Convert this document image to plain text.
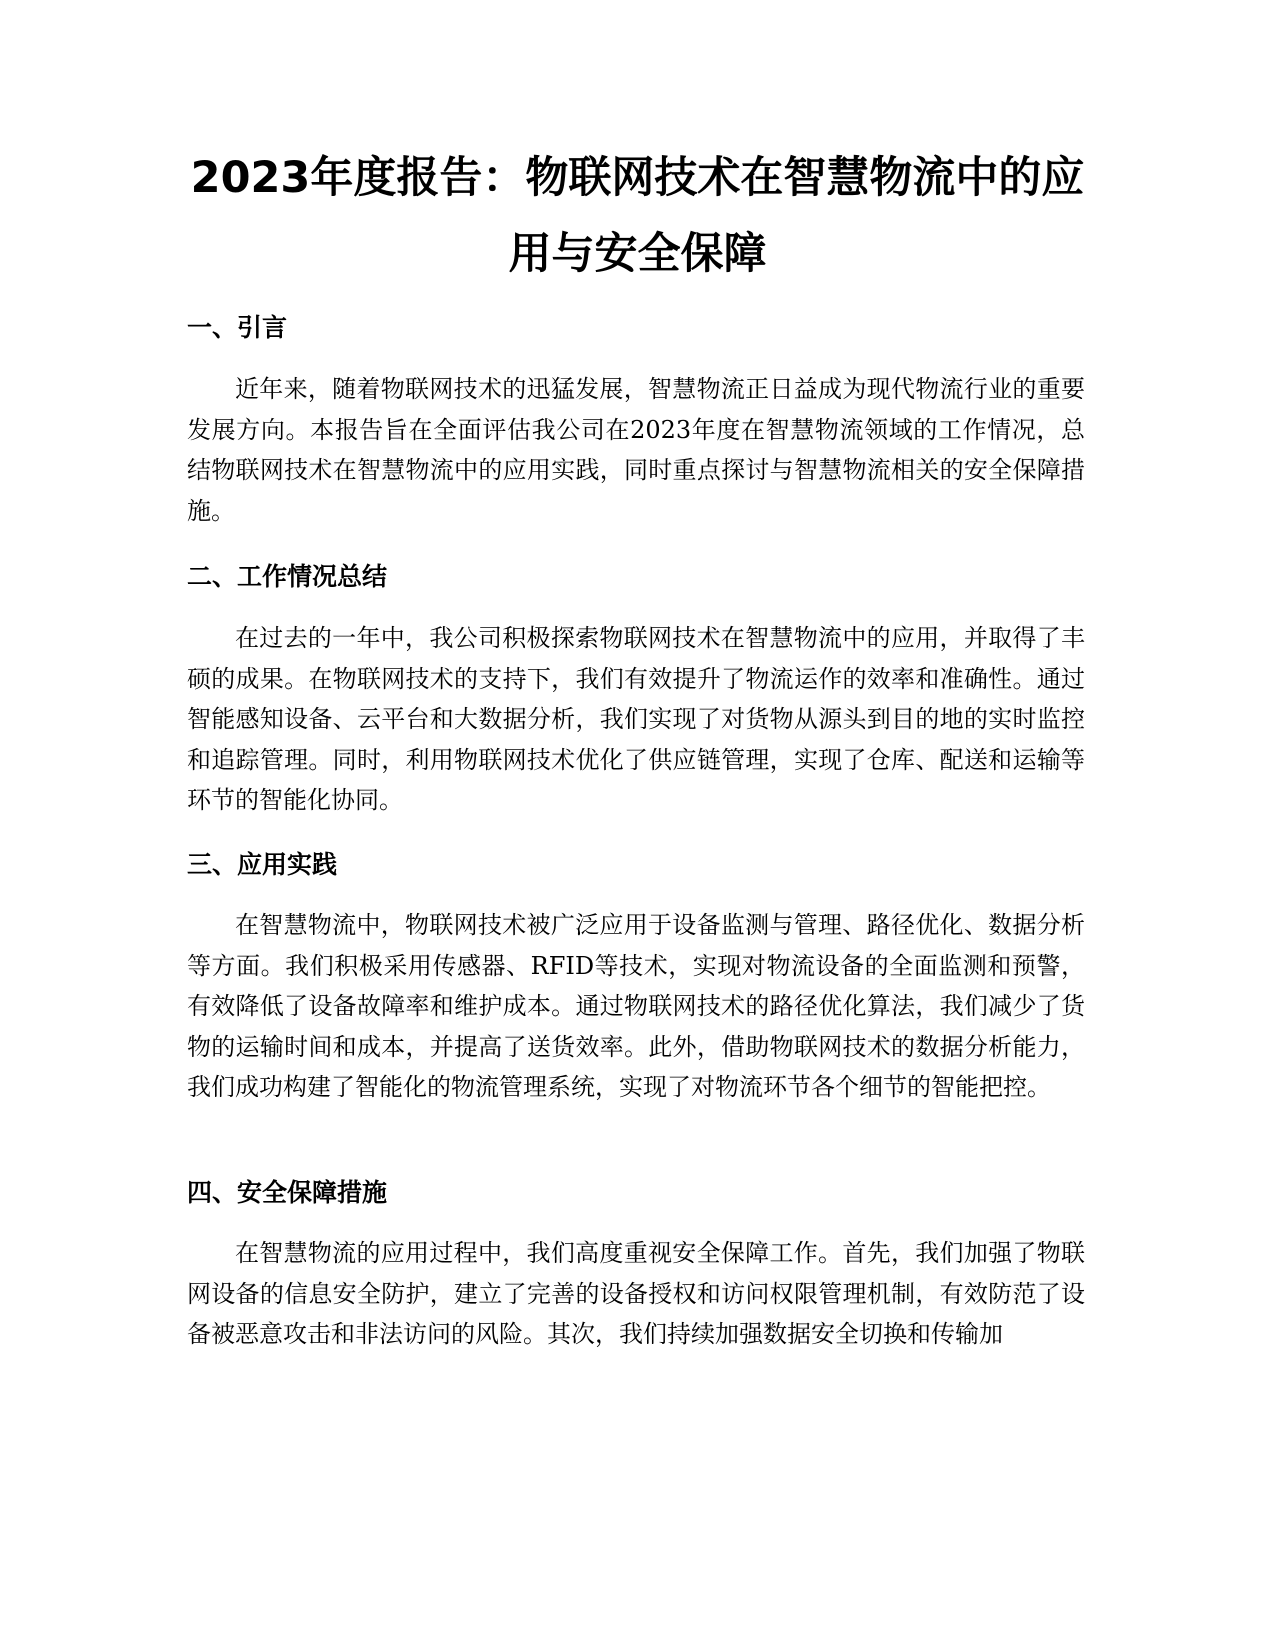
2023年度报告：物联网技术在智慧物流中的应用与安全保障
一、引言

近年来，随着物联网技术的迅猛发展，智慧物流正日益成为现代物流行业的重要发展方向。本报告旨在全面评估我公司在2023年度在智慧物流领域的工作情况，总结物联网技术在智慧物流中的应用实践，同时重点探讨与智慧物流相关的安全保障措施。

二、工作情况总结

在过去的一年中，我公司积极探索物联网技术在智慧物流中的应用，并取得了丰硕的成果。在物联网技术的支持下，我们有效提升了物流运作的效率和准确性。通过智能感知设备、云平台和大数据分析，我们实现了对货物从源头到目的地的实时监控和追踪管理。同时，利用物联网技术优化了供应链管理，实现了仓库、配送和运输等环节的智能化协同。

三、应用实践

在智慧物流中，物联网技术被广泛应用于设备监测与管理、路径优化、数据分析等方面。我们积极采用传感器、RFID等技术，实现对物流设备的全面监测和预警，有效降低了设备故障率和维护成本。通过物联网技术的路径优化算法，我们减少了货物的运输时间和成本，并提高了送货效率。此外，借助物联网技术的数据分析能力，我们成功构建了智能化的物流管理系统，实现了对物流环节各个细节的智能把控。

四、安全保障措施

在智慧物流的应用过程中，我们高度重视安全保障工作。首先，我们加强了物联网设备的信息安全防护，建立了完善的设备授权和访问权限管理机制，有效防范了设备被恶意攻击和非法访问的风险。其次，我们持续加强数据安全切换和传输加
